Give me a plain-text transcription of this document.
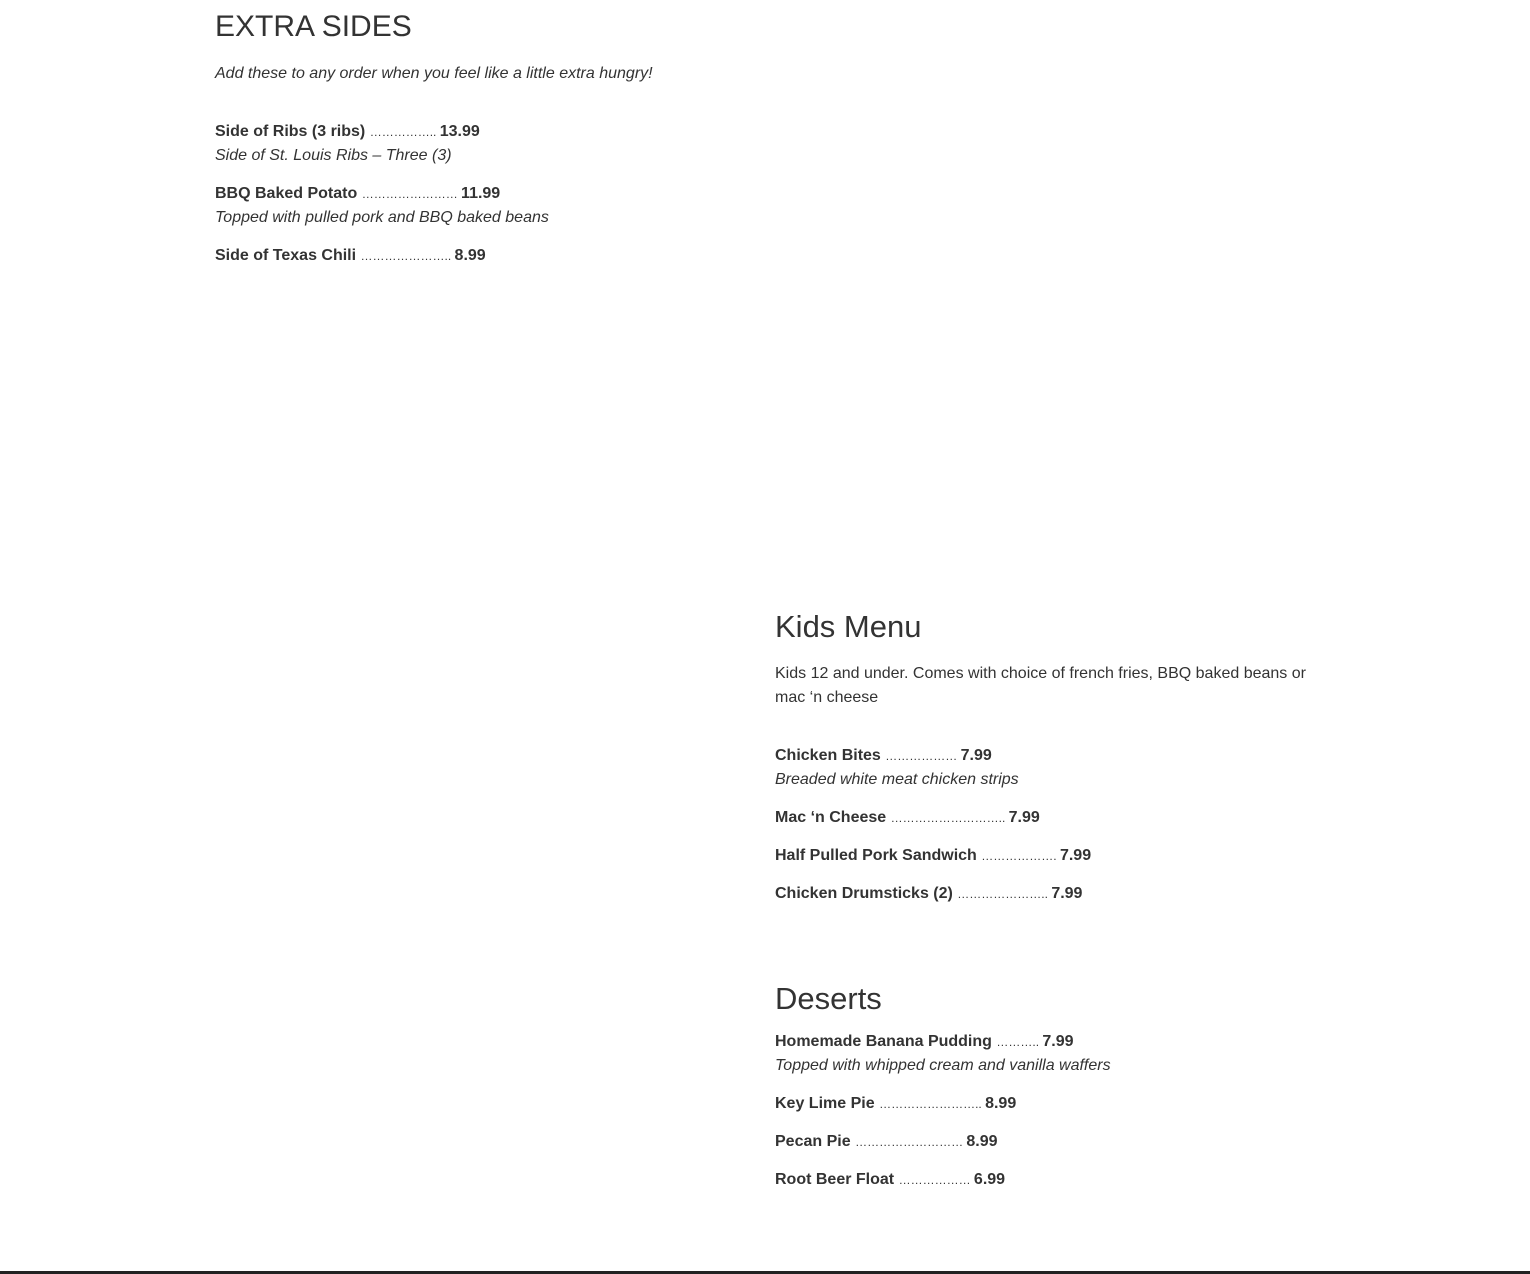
EXTRA SIDES

Add these to any order when you feel like a little extra hungry!

Side of Ribs (3 ribs) …………….. 13.99
Side of St. Louis Ribs – Three (3)
BBQ Baked Potato …………………… 11.99
Topped with pulled pork and BBQ baked beans
Side of Texas Chili ………………….. 8.99
Kids Menu

Kids 12 and under. Comes with choice of french fries, BBQ baked beans or mac ‘n cheese

Chicken Bites ……………… 7.99
Breaded white meat chicken strips
Mac ‘n Cheese ……………………….. 7.99
Half Pulled Pork Sandwich ………………. 7.99
Chicken Drumsticks (2) ………………….. 7.99
Deserts
Homemade Banana Pudding ……….. 7.99
Topped with whipped cream and vanilla waffers
Key Lime Pie …………………….. 8.99
Pecan Pie ……………………… 8.99
Root Beer Float ……………… 6.99
